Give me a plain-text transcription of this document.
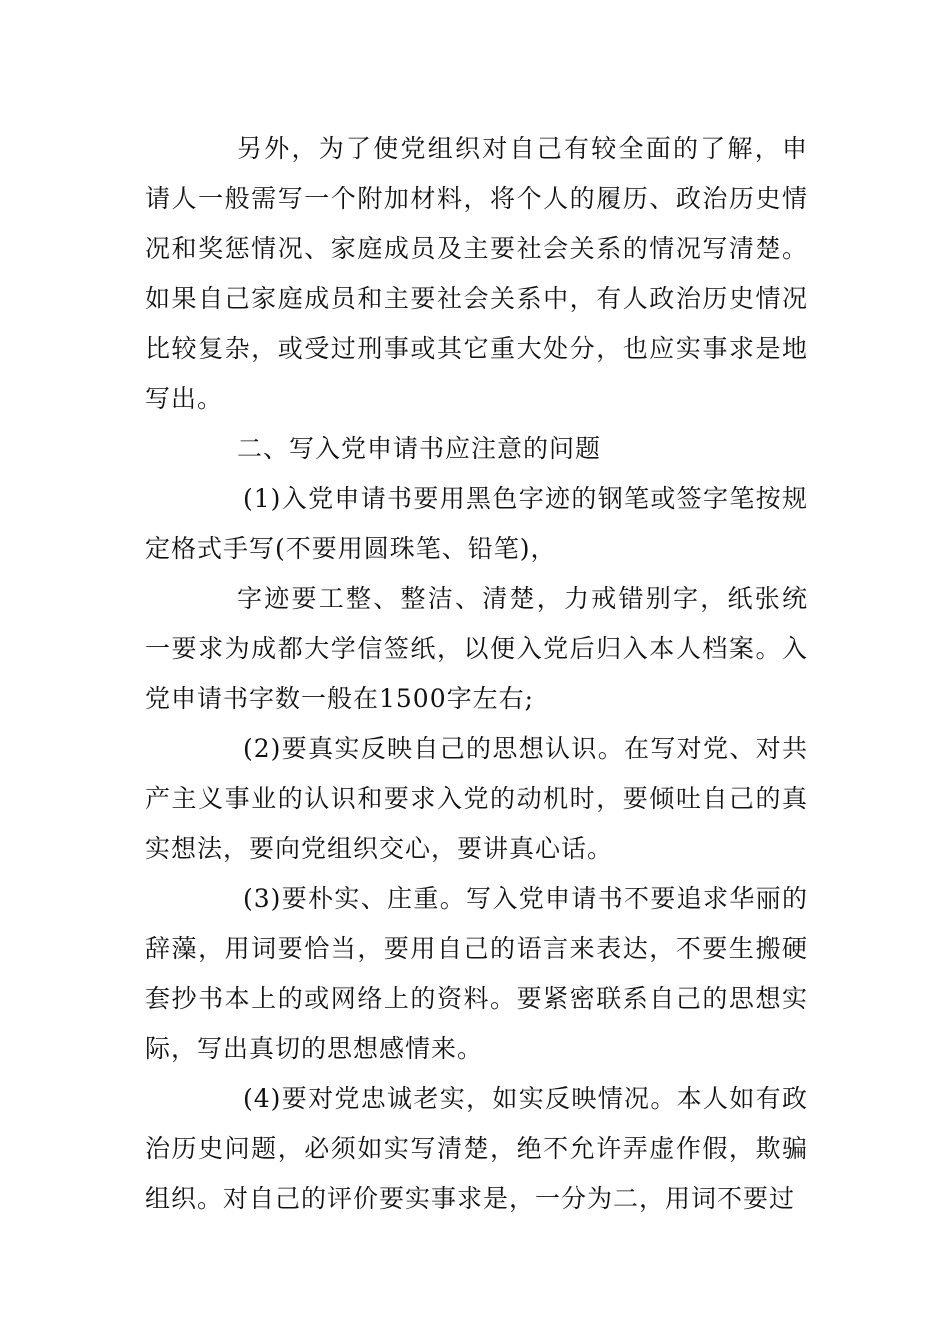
另外，为了使党组织对自己有较全面的了解，申请人一般需写一个附加材料，将个人的履历、政治历史情况和奖惩情况、家庭成员及主要社会关系的情况写清楚。如果自己家庭成员和主要社会关系中，有人政治历史情况比较复杂，或受过刑事或其它重大处分，也应实事求是地写出。

二、写入党申请书应注意的问题

(1)入党申请书要用黑色字迹的钢笔或签字笔按规定格式手写(不要用圆珠笔、铅笔)，

字迹要工整、整洁、清楚，力戒错别字，纸张统一要求为成都大学信签纸，以便入党后归入本人档案。入党申请书字数一般在1500字左右;

(2)要真实反映自己的思想认识。在写对党、对共产主义事业的认识和要求入党的动机时，要倾吐自己的真实想法，要向党组织交心，要讲真心话。

(3)要朴实、庄重。写入党申请书不要追求华丽的辞藻，用词要恰当，要用自己的语言来表达，不要生搬硬套抄书本上的或网络上的资料。要紧密联系自己的思想实际，写出真切的思想感情来。

(4)要对党忠诚老实，如实反映情况。本人如有政治历史问题，必须如实写清楚，绝不允许弄虚作假，欺骗组织。对自己的评价要实事求是，一分为二，用词不要过
